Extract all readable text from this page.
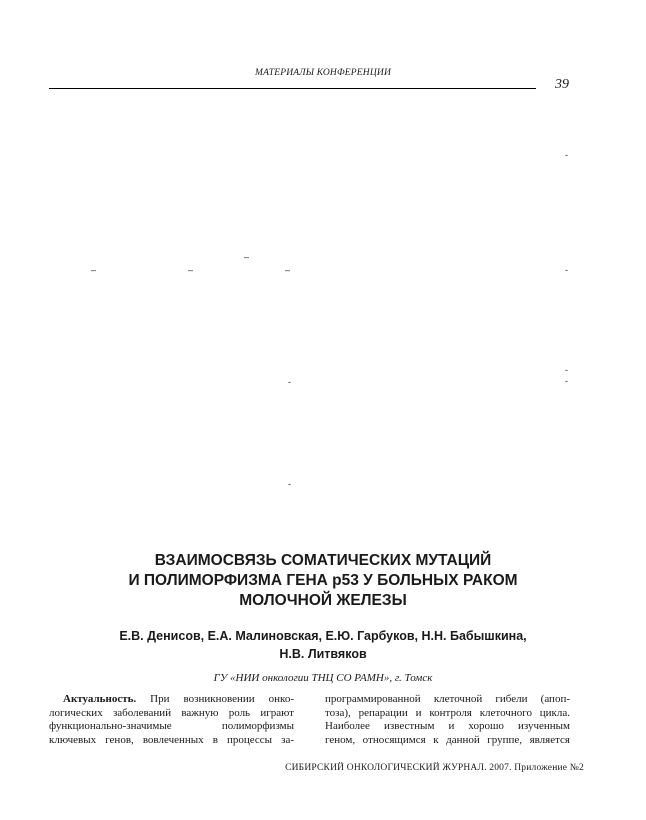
МАТЕРИАЛЫ КОНФЕРЕНЦИИ
39
-
–
–	–	–	-
-
-
-
-
ВЗАИМОСВЯЗЬ СОМАТИЧЕСКИХ МУТАЦИЙ
И ПОЛИМОРФИЗМА ГЕНА p53 У БОЛЬНЫХ РАКОМ
МОЛОЧНОЙ ЖЕЛЕЗЫ
Е.В. Денисов, Е.А. Малиновская, Е.Ю. Гарбуков, Н.Н. Бабышкина,
Н.В. Литвяков
ГУ «НИИ онкологии ТНЦ СО РАМН», г. Томск
Актуальность. При возникновении онко-
логических заболеваний важную роль играют
функционально-значимые полиморфизмы
ключевых генов, вовлеченных в процессы за-
программированной клеточной гибели (апоп-
тоза), репарации и контроля клеточного цикла.
Наиболее известным и хорошо изученным
геном, относящимся к данной группе, является
СИБИРСКИЙ ОНКОЛОГИЧЕСКИЙ ЖУРНАЛ. 2007. Приложение №2
